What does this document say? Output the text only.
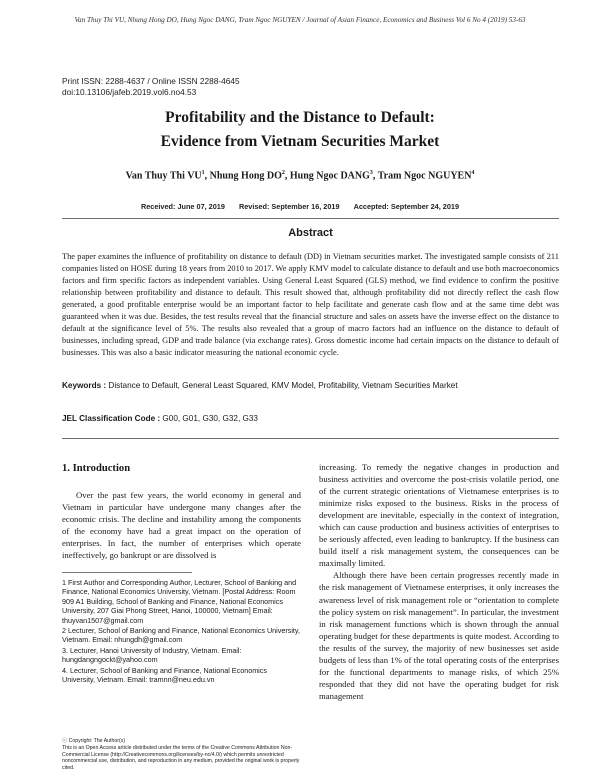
Van Thuy Thi VU, Nhung Hong DO, Hung Ngoc DANG, Tram Ngoc NGUYEN / Journal of Asian Finance, Economics and Business Vol 6 No 4 (2019) 53-63
Print ISSN: 2288-4637 / Online ISSN 2288-4645
doi:10.13106/jafeb.2019.vol6.no4.53
Profitability and the Distance to Default:
Evidence from Vietnam Securities Market
Van Thuy Thi $VU^1$, Nhung Hong $DO^2$, Hung Ngoc DANG$^3$, Tram Ngoc NGUYEN$^4$
Received: June 07, 2019 Revised: September 16, 2019 Accepted: September 24, 2019
Abstract
The paper examines the influence of profitability on distance to default (DD) in Vietnam securities market. The investigated sample consists of 211 companies listed on HOSE during 18 years from 2010 to 2017. We apply KMV model to calculate distance to default and use both macroeconomics factors and firm specific factors as independent variables. Using General Least Squared (GLS) method, we find evidence to confirm the positive relationship between profitability and distance to default. This result showed that, although profitability did not directly reflect the cash flow generated, a good profitable enterprise would be an important factor to help facilitate and generate cash flow and at the same time debt was guaranteed when it was due. Besides, the test results reveal that the financial structure and sales on assets have the inverse effect on the distance to default at the significance level of 5%. The results also revealed that a group of macro factors had an influence on the distance to default of businesses, including spread, GDP and trade balance (via exchange rates). Gross domestic income had certain impacts on the distance to default of businesses. This was also a basic indicator measuring the national economic cycle.
Keywords : Distance to Default, General Least Squared, KMV Model, Profitability, Vietnam Securities Market
JEL Classification Code : G00, G01, G30, G32, G33
1. Introduction

Over the past few years, the world economy in general and Vietnam in particular have undergone many changes after the economic crisis. The decline and instability among the components of the economy have had a great impact on the operation of enterprises. In fact, the number of enterprises which operate ineffectively, go bankrupt or are dissolved is

increasing. To remedy the negative changes in production and business activities and overcome the post-crisis volatile period, one of the current strategic orientations of Vietnamese enterprises is to minimize risks exposed to the business. Risks in the process of development are inevitable, especially in the context of integration, which can cause production and business activities of enterprises to be seriously affected, even leading to bankruptcy. If the business can build itself a risk management system, the consequences can be maximally limited.

Although there have been certain progresses recently made in the risk management of Vietnamese enterprises, it only increases the awareness level of risk management role or “orientation to complete the policy system on risk management”. In particular, the investment in risk management functions which is shown through the annual operating budget for these departments is quite modest. According to the results of the survey, the majority of new businesses set aside budgets of less than 1% of the total operating costs of the enterprises for the functional departments to manage risks, of which 25% responded that they did not have the operating budget for risk management

1 First Author and Corresponding Author, Lecturer, School of Banking and Finance, National Economics University, Vietnam. [Postal Address: Room 909 A1 Building, School of Banking and Finance, National Economics University, 207 Giai Phong Street, Hanoi, 100000, Vietnam] Email: thuyvan1507@gmail.com

2 Lecturer, School of Banking and Finance, National Economics University, Vietnam. Email: nhungdh@gmail.com

3. Lecturer, Hanoi University of Industry, Vietnam. Email: hungdangngockt@yahoo.com

4. Lecturer, School of Banking and Finance, National Economics University, Vietnam. Email: tramnn@neu.edu.vn

ⓒ Copyright: The Author(s)

This is an Open Access article distributed under the terms of the Creative Commons Attribution Non-Commercial License (http://Creativecommons.org/licenses/by-nc/4.0/) which permits unrestricted noncommercial use, distribution, and reproduction in any medium, provided the original work is properly cited.
